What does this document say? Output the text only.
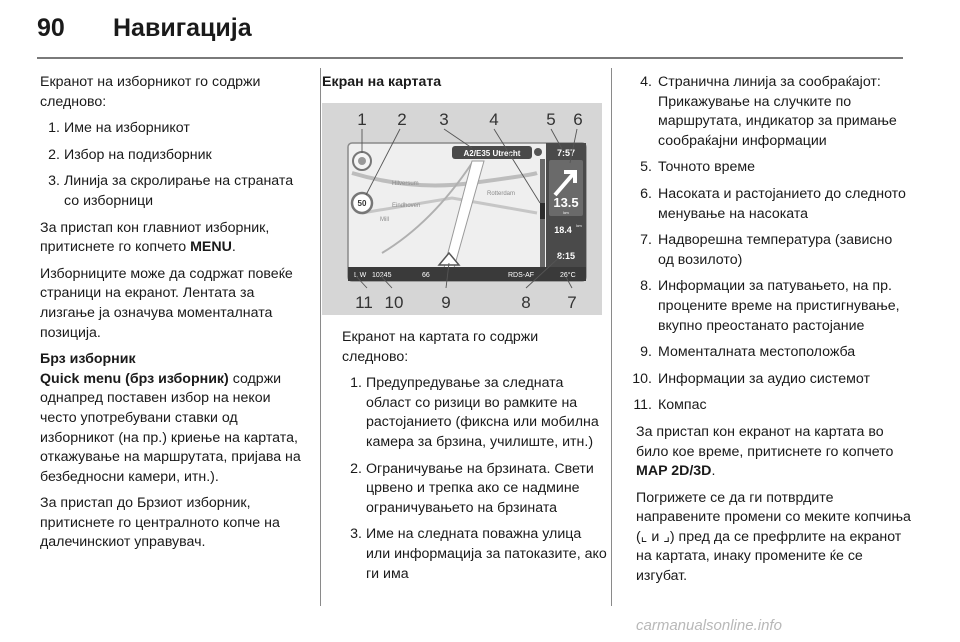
90 Навигација

Екранот на изборникот го содржи следново:

1. Име на изборникот
2. Избор на подизборник
3. Линија за скролирање на страната со изборници

За пристап кон главниот изборник, притиснете го копчето MENU.

Изборниците може да содржат повеќе страници на екранот. Лентата за лизгање ја означува моменталната позиција.

Брз изборник
Quick menu (брз изборник) содржи однапред поставен избор на некои често употребувани ставки од изборникот (на пр.) криење на картата, откажување на маршрутата, пријава на безбедносни камери, итн.).

За пристап до Брзиот изборник, притиснете го централното копче на далечинскиот управувач.

Екран на картата

Hilversum
Rotterdam
Eindhoven
Mill
50
A2/E35 Utrecht	7:57
13.5
km
18.4 km
8:15
L W 10245	66	RDS-AF	26°C
1 2 3 4	5 6
11 10 9	8 7

Екранот на картата го содржи следново:

1. Предупредување за следната област со ризици во рамките на растојанието (фиксна или мобилна камера за брзина, училиште, итн.)
2. Ограничување на брзината. Свети црвено и трепка ако се надмине ограничувањето на брзината
3. Име на следната поважна улица или информација за патоказите, ако ги има
4. Странична линија за сообраќајот: Прикажување на случките по маршрутата, индикатор за примање сообраќајни информации
5. Точното време
6. Насоката и растојанието до следното менување на насоката
7. Надворешна температура (зависно од возилото)
8. Информации за патувањето, на пр. процените време на пристигнување, вкупно преостанато растојание
9. Моменталната местоположба
10. Информации за аудио системот
11. Компас

За пристап кон екранот на картата во било кое време, притиснете го копчето MAP 2D/3D.

Погрижете се да ги потврдите направените промени со меките копчиња (⌞ и ⌟) пред да се префрлите на екранот на картата, инаку промените ќе се изгубат.

carmanualsonline.info
